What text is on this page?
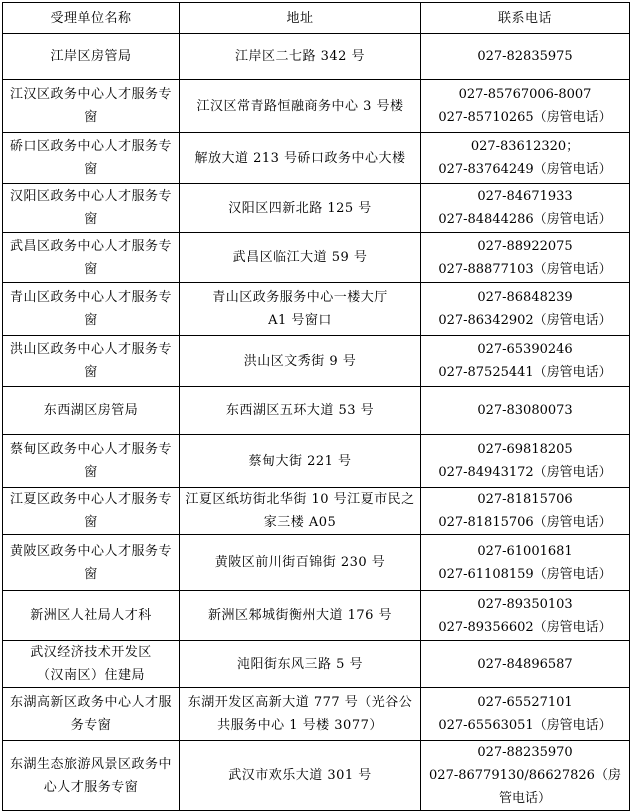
受理单位名称	地址	联系电话
江岸区房管局	江岸区二七路 342 号	027-82835975
江汉区政务中心人才服务专窗	江汉区常青路恒融商务中心 3 号楼	027-85767006-8007
027-85710265（房管电话）
硚口区政务中心人才服务专窗	解放大道 213 号硚口政务中心大楼	027-83612320；
027-83764249（房管电话）
汉阳区政务中心人才服务专窗	汉阳区四新北路 125 号	027-84671933
027-84844286（房管电话）
武昌区政务中心人才服务专窗	武昌区临江大道 59 号	027-88922075
027-88877103（房管电话）
青山区政务中心人才服务专窗	青山区政务服务中心一楼大厅
A1 号窗口	027-86848239
027-86342902（房管电话）
洪山区政务中心人才服务专窗	洪山区文秀街 9 号	027-65390246
027-87525441（房管电话）
东西湖区房管局	东西湖区五环大道 53 号	027-83080073
蔡甸区政务中心人才服务专窗	蔡甸大街 221 号	027-69818205
027-84943172（房管电话）
江夏区政务中心人才服务专窗	江夏区纸坊街北华街 10 号江夏市民之家三楼 A05	027-81815706
027-81815706（房管电话）
黄陂区政务中心人才服务专窗	黄陂区前川街百锦街 230 号	027-61001681
027-61108159（房管电话）
新洲区人社局人才科	新洲区邾城街衡州大道 176 号	027-89350103
027-89356602（房管电话）
武汉经济技术开发区
（汉南区）住建局	沌阳街东风三路 5 号	027-84896587
东湖高新区政务中心人才服务专窗	东湖开发区高新大道 777 号（光谷公共服务中心 1 号楼 3077）	027-65527101
027-65563051（房管电话）
东湖生态旅游风景区政务中心人才服务专窗	武汉市欢乐大道 301 号	027-88235970
027-86779130/86627826（房管电话）
